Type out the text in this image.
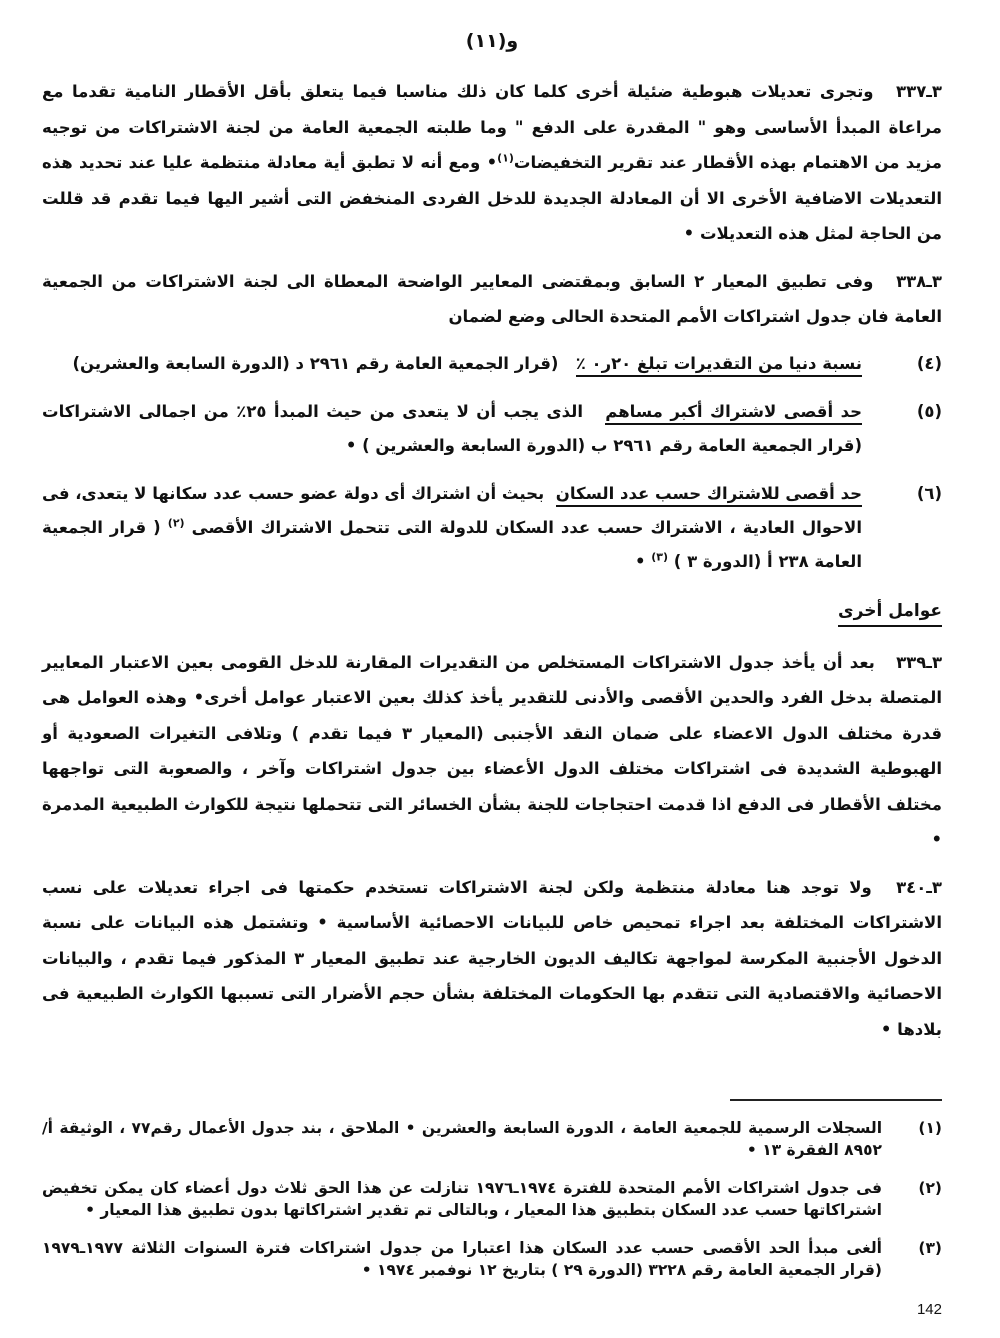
و(١١)
٣ـ٣٣٧ وتجرى تعديلات هبوطية ضئيلة أخرى كلما كان ذلك مناسبا فيما يتعلق بأقل الأقطار النامية تقدما مع مراعاة المبدأ الأساسى وهو " المقدرة على الدفع " وما طلبته الجمعية العامة من لجنة الاشتراكات من توجيه مزيد من الاهتمام بهذه الأقطار عند تقرير التخفيضات$^{(١)}$• ومع أنه لا تطبق أية معادلة منتظمة عليا عند تحديد هذه التعديلات الاضافية الأخرى الا أن المعادلة الجديدة للدخل الفردى المنخفض التى أشير اليها فيما تقدم قد قللت من الحاجة لمثل هذه التعديلات •
٣ـ٣٣٨ وفى تطبيق المعيار ٢ السابق وبمقتضى المعايير الواضحة المعطاة الى لجنة الاشتراكات من الجمعية العامة فان جدول اشتراكات الأمم المتحدة الحالى وضع لضمان
(٤)
نسبة دنيا من التقديرات تبلغ ٢٠ر٠ ٪   (قرار الجمعية العامة رقم ٢٩٦١ د (الدورة السابعة والعشرين)
(٥)
حد أقصى لاشتراك أكبر مساهم   الذى يجب أن لا يتعدى من حيث المبدأ ٢٥٪ من اجمالى الاشتراكات (قرار الجمعية العامة رقم ٢٩٦١ ب (الدورة السابعة والعشرين ) •
(٦)
حد أقصى للاشتراك حسب عدد السكان  بحيث أن اشتراك أى دولة عضو حسب عدد سكانها لا يتعدى، فى الاحوال العادية ، الاشتراك حسب عدد السكان للدولة التى تتحمل الاشتراك الأقصى $^{(٢)}$ ( قرار الجمعية العامة ٢٣٨ أ (الدورة ٣ ) $^{(٣)}$ •
عوامل أخرى
٣ـ٣٣٩ بعد أن يأخذ جدول الاشتراكات المستخلص من التقديرات المقارنة للدخل القومى بعين الاعتبار المعايير المتصلة بدخل الفرد والحدين الأقصى والأدنى للتقدير يأخذ كذلك بعين الاعتبار عوامل أخرى• وهذه العوامل هى قدرة مختلف الدول الاعضاء على ضمان النقد الأجنبى (المعيار ٣ فيما تقدم ) وتلافى التغيرات الصعودية أو الهبوطية الشديدة فى اشتراكات مختلف الدول الأعضاء بين جدول اشتراكات وآخر ، والصعوبة التى تواجهها مختلف الأقطار فى الدفع اذا قدمت احتجاجات للجنة بشأن الخسائر التى تتحملها نتيجة للكوارث الطبيعية المدمرة •
٣ـ٣٤٠ ولا توجد هنا معادلة منتظمة ولكن لجنة الاشتراكات تستخدم حكمتها فى اجراء تعديلات على نسب الاشتراكات المختلفة بعد اجراء تمحيص خاص للبيانات الاحصائية الأساسية • وتشتمل هذه البيانات على نسبة الدخول الأجنبية المكرسة لمواجهة تكاليف الديون الخارجية عند تطبيق المعيار ٣ المذكور فيما تقدم ، والبيانات الاحصائية والاقتصادية التى تتقدم بها الحكومات المختلفة بشأن حجم الأضرار التى تسببها الكوارث الطبيعية فى بلادها •
(١)
السجلات الرسمية للجمعية العامة ، الدورة السابعة والعشرين • الملاحق ، بند جدول الأعمال رقم٧٧ ، الوثيقة أ/ ٨٩٥٢ الفقرة ١٣ •
(٢)
فى جدول اشتراكات الأمم المتحدة للفترة ١٩٧٤ـ١٩٧٦ تنازلت عن هذا الحق ثلاث دول أعضاء كان يمكن تخفيض اشتراكاتها حسب عدد السكان بتطبيق هذا المعيار ، وبالتالى تم تقدير اشتراكاتها بدون تطبيق هذا المعيار •
(٣)
ألغى مبدأ الحد الأقصى حسب عدد السكان هذا اعتبارا من جدول اشتراكات فترة السنوات الثلاثة ١٩٧٧ـ١٩٧٩ (قرار الجمعية العامة رقم ٣٢٢٨ (الدورة ٢٩ ) بتاريخ ١٢ نوفمبر ١٩٧٤ •
142
